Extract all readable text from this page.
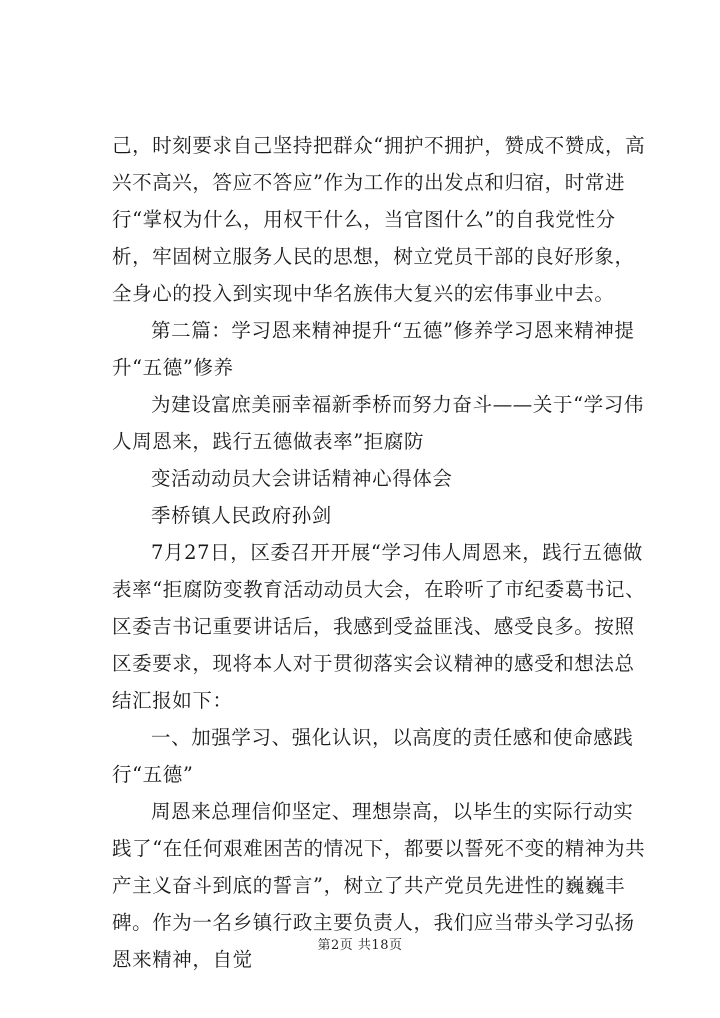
己，时刻要求自己坚持把群众“拥护不拥护，赞成不赞成，高兴不高兴，答应不答应”作为工作的出发点和归宿，时常进行“掌权为什么，用权干什么，当官图什么”的自我党性分析，牢固树立服务人民的思想，树立党员干部的良好形象，全身心的投入到实现中华名族伟大复兴的宏伟事业中去。

第二篇：学习恩来精神提升“五德”修养学习恩来精神提升“五德”修养

为建设富庶美丽幸福新季桥而努力奋斗——关于“学习伟人周恩来，践行五德做表率”拒腐防

变活动动员大会讲话精神心得体会

季桥镇人民政府孙剑

7月27日，区委召开开展“学习伟人周恩来，践行五德做表率“拒腐防变教育活动动员大会，在聆听了市纪委葛书记、区委吉书记重要讲话后，我感到受益匪浅、感受良多。按照区委要求，现将本人对于贯彻落实会议精神的感受和想法总结汇报如下：

一、加强学习、强化认识，以高度的责任感和使命感践行“五德”

周恩来总理信仰坚定、理想崇高，以毕生的实际行动实践了“在任何艰难困苦的情况下，都要以誓死不变的精神为共产主义奋斗到底的誓言”，树立了共产党员先进性的巍巍丰碑。作为一名乡镇行政主要负责人，我们应当带头学习弘扬恩来精神，自觉

第2页 共18页
